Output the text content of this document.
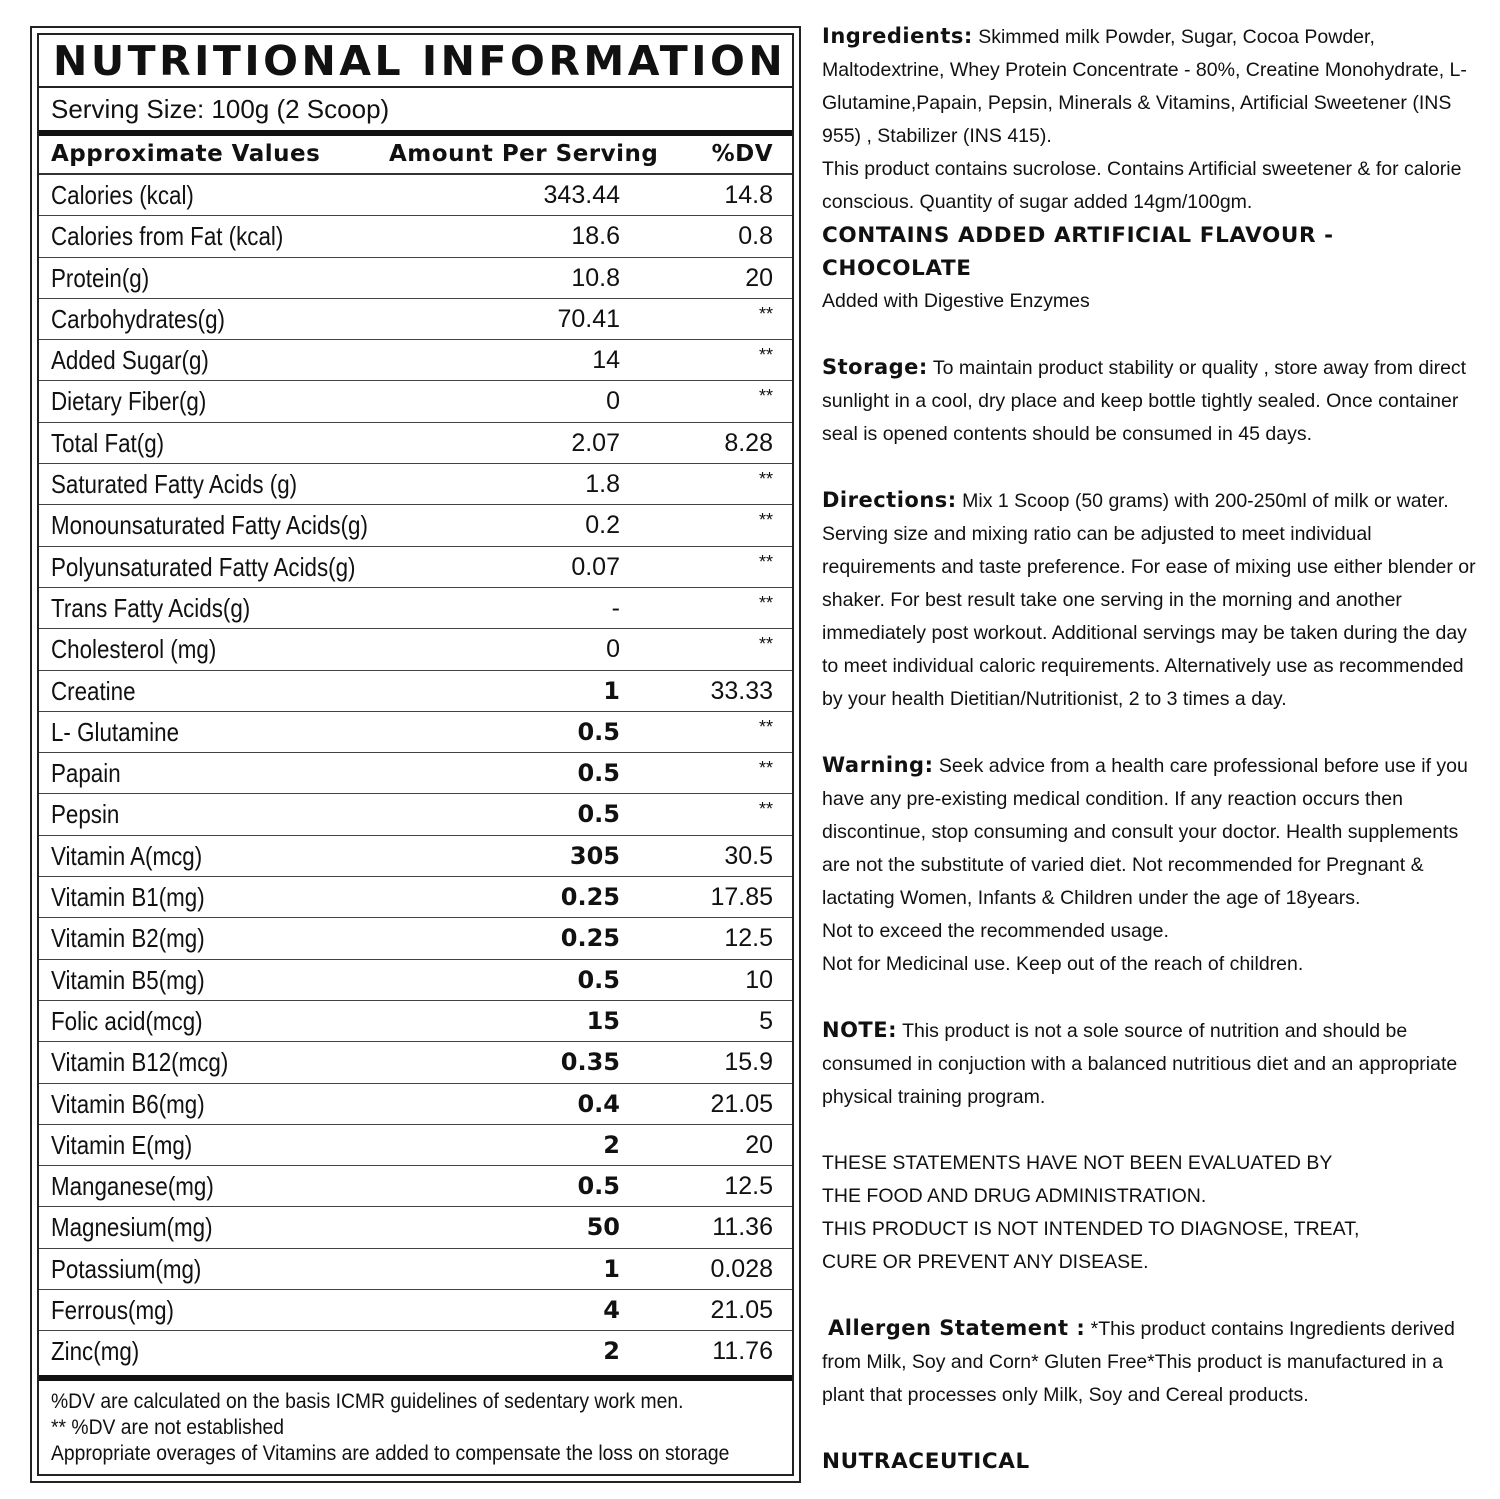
NUTRITIONAL INFORMATION
Serving Size: 100g (2 Scoop)
Approximate Values	Amount Per Serving %DV
Calories (kcal)	343.44	14.8
Calories from Fat (kcal)	18.6	0.8
Protein(g)	10.8	20
Carbohydrates(g)	70.41	**
Added Sugar(g)	14	**
Dietary Fiber(g)	0	**
Total Fat(g)	2.07	8.28
Saturated Fatty Acids (g)	1.8	**
Monounsaturated Fatty Acids(g)	0.2	**
Polyunsaturated Fatty Acids(g)	0.07	**
Trans Fatty Acids(g)	-	**
Cholesterol (mg)	0	**
Creatine	1	33.33
L- Glutamine	0.5	**
Papain	0.5	**
Pepsin	0.5	**
Vitamin A(mcg)	305	30.5
Vitamin B1(mg)	0.25	17.85
Vitamin B2(mg)	0.25	12.5
Vitamin B5(mg)	0.5	10
Folic acid(mcg)	15	5
Vitamin B12(mcg)	0.35	15.9
Vitamin B6(mg)	0.4	21.05
Vitamin E(mg)	2	20
Manganese(mg)	0.5	12.5
Magnesium(mg)	50	11.36
Potassium(mg)	1	0.028
Ferrous(mg)	4	21.05
Zinc(mg)	2	11.76
%DV are calculated on the basis ICMR guidelines of sedentary work men.
** %DV are not established
Appropriate overages of Vitamins are added to compensate the loss on storage

Ingredients: Skimmed milk Powder, Sugar, Cocoa Powder, Maltodextrine, Whey Protein Concentrate - 80%, Creatine Monohydrate, L- Glutamine,Papain, Pepsin, Minerals & Vitamins, Artificial Sweetener (INS 955) , Stabilizer (INS 415).

This product contains sucrolose. Contains Artificial sweetener & for calorie conscious. Quantity of sugar added 14gm/100gm.

CONTAINS ADDED ARTIFICIAL FLAVOUR - CHOCOLATE

Added with Digestive Enzymes

Storage: To maintain product stability or quality , store away from direct sunlight in a cool, dry place and keep bottle tightly sealed. Once container seal is opened contents should be consumed in 45 days.

Directions: Mix 1 Scoop (50 grams) with 200-250ml of milk or water. Serving size and mixing ratio can be adjusted to meet individual requirements and taste preference. For ease of mixing use either blender or shaker. For best result take one serving in the morning and another immediately post workout. Additional servings may be taken during the day to meet individual caloric requirements. Alternatively use as recommended by your health Dietitian/Nutritionist, 2 to 3 times a day.

Warning: Seek advice from a health care professional before use if you have any pre-existing medical condition. If any reaction occurs then discontinue, stop consuming and consult your doctor. Health supplements are not the substitute of varied diet. Not recommended for Pregnant & lactating Women, Infants & Children under the age of 18years.

Not to exceed the recommended usage.

Not for Medicinal use. Keep out of the reach of children.

NOTE: This product is not a sole source of nutrition and should be consumed in conjuction with a balanced nutritious diet and an appropriate physical training program.

THESE STATEMENTS HAVE NOT BEEN EVALUATED BY

THE FOOD AND DRUG ADMINISTRATION.

THIS PRODUCT IS NOT INTENDED TO DIAGNOSE, TREAT,

CURE OR PREVENT ANY DISEASE.

Allergen Statement : *This product contains Ingredients derived from Milk, Soy and Corn* Gluten Free*This product is manufactured in a plant that processes only Milk, Soy and Cereal products.

NUTRACEUTICAL
